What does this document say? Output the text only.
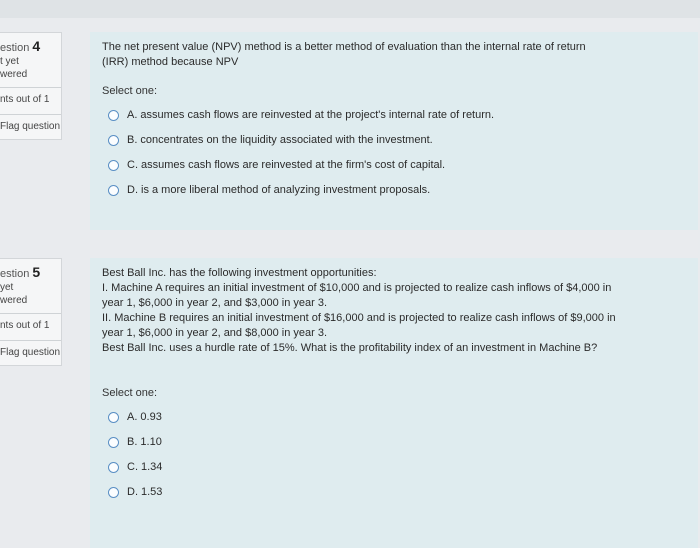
estion 4
t yet
wered
nts out of 1
Flag question

The net present value (NPV) method is a better method of evaluation than the internal rate of return

(IRR) method because NPV

Select one:
A. assumes cash flows are reinvested at the project's internal rate of return.
B. concentrates on the liquidity associated with the investment.
C. assumes cash flows are reinvested at the firm's cost of capital.
D. is a more liberal method of analyzing investment proposals.
estion 5
yet
wered
nts out of 1
Flag question

Best Ball Inc. has the following investment opportunities:

I. Machine A requires an initial investment of $10,000 and is projected to realize cash inflows of $4,000 in

year 1, $6,000 in year 2, and $3,000 in year 3.

II. Machine B requires an initial investment of $16,000 and is projected to realize cash inflows of $9,000 in

year 1, $6,000 in year 2, and $8,000 in year 3.

Best Ball Inc. uses a hurdle rate of 15%. What is the profitability index of an investment in Machine B?

Select one:
A. 0.93
B. 1.10
C. 1.34
D. 1.53
